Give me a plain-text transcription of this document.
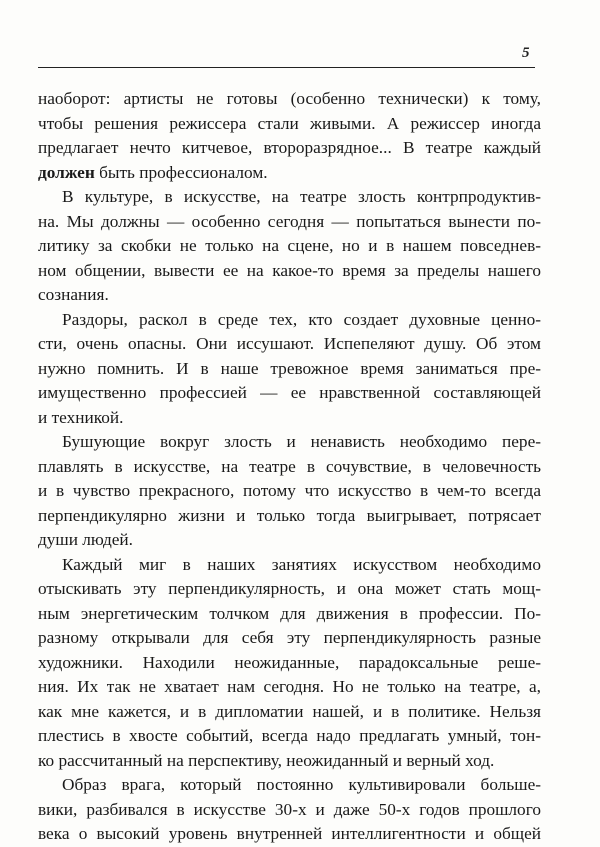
5
наоборот: артисты не готовы (особенно технически) к тому,
чтобы решения режиссера стали живыми. А режиссер иногда
предлагает нечто китчевое, второразрядное... В театре каждый
должен быть профессионалом.
В культуре, в искусстве, на театре злость контрпродуктив-
на. Мы должны — особенно сегодня — попытаться вынести по-
литику за скобки не только на сцене, но и в нашем повседнев-
ном общении, вывести ее на какое-то время за пределы нашего
сознания.
Раздоры, раскол в среде тех, кто создает духовные ценно-
сти, очень опасны. Они иссушают. Испепеляют душу. Об этом
нужно помнить. И в наше тревожное время заниматься пре-
имущественно профессией — ее нравственной составляющей
и техникой.
Бушующие вокруг злость и ненависть необходимо пере-
плавлять в искусстве, на театре в сочувствие, в человечность
и в чувство прекрасного, потому что искусство в чем-то всегда
перпендикулярно жизни и только тогда выигрывает, потрясает
души людей.
Каждый миг в наших занятиях искусством необходимо
отыскивать эту перпендикулярность, и она может стать мощ-
ным энергетическим толчком для движения в профессии. По-
разному открывали для себя эту перпендикулярность разные
художники. Находили неожиданные, парадоксальные реше-
ния. Их так не хватает нам сегодня. Но не только на театре, а,
как мне кажется, и в дипломатии нашей, и в политике. Нельзя
плестись в хвосте событий, всегда надо предлагать умный, тон-
ко рассчитанный на перспективу, неожиданный и верный ход.
Образ врага, который постоянно культивировали больше-
вики, разбивался в искусстве 30-х и даже 50-х годов прошлого
века о высокий уровень внутренней интеллигентности и общей
